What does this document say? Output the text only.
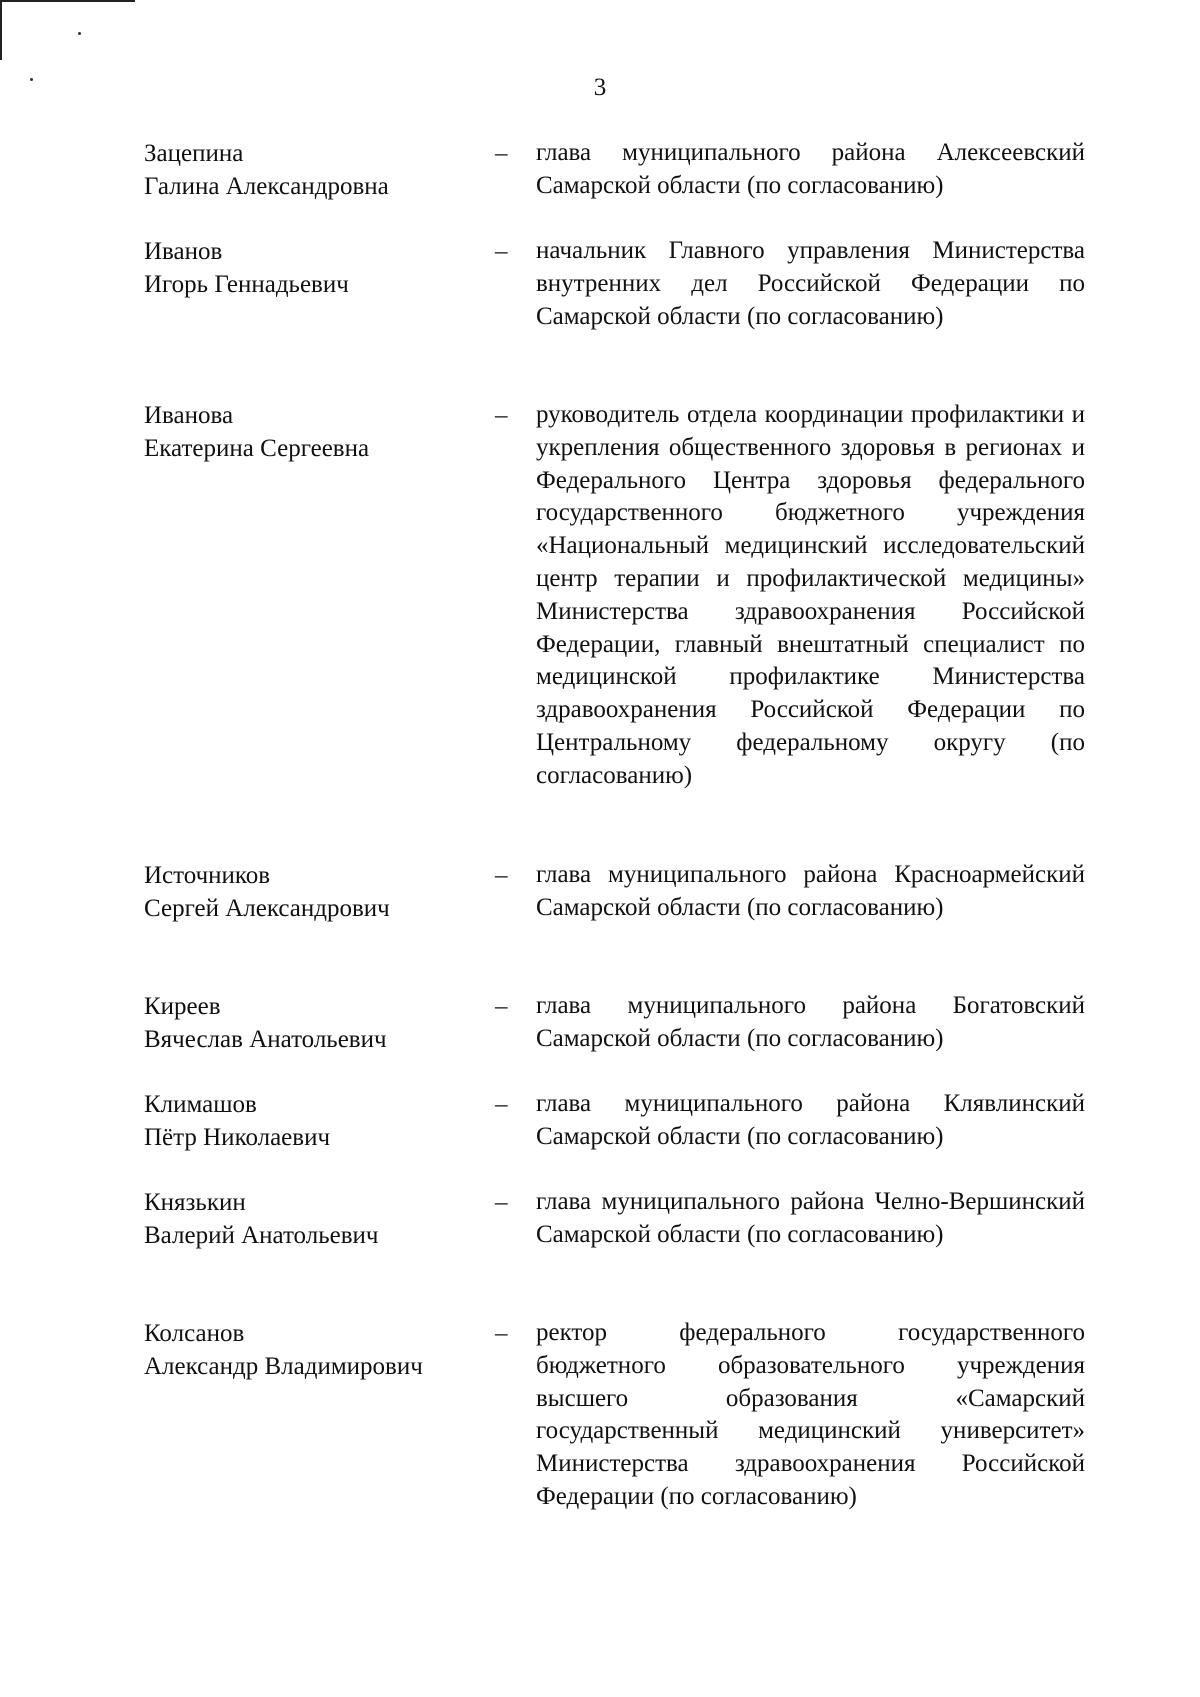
3
Зацепина
Галина Александровна
–	глава муниципального района Алексеевский Самарской области (по согласованию)
Иванов
Игорь Геннадьевич
–	начальник Главного управления Министерства внутренних дел Российской Федерации по Самарской области (по согласованию)
Иванова
Екатерина Сергеевна
–	руководитель отдела координации профилактики и укрепления общественного здоровья в регионах и Федерального Центра здоровья федерального государственного бюджетного учреждения «Национальный медицинский исследовательский центр терапии и профилактической медицины» Министерства здравоохранения Российской Федерации, главный внештатный специалист по медицинской профилактике Министерства здравоохранения Российской Федерации по Центральному федеральному округу (по согласованию)
Источников
Сергей Александрович
–	глава муниципального района Красноармейский Самарской области (по согласованию)
Киреев
Вячеслав Анатольевич
–	глава муниципального района Богатовский Самарской области (по согласованию)
Климашов
Пётр Николаевич
–	глава муниципального района Клявлинский Самарской области (по согласованию)
Князькин
Валерий Анатольевич
–	глава муниципального района Челно-Вершинский Самарской области (по согласованию)
Колсанов
Александр Владимирович
–	ректор федерального государственного бюджетного образовательного учреждения высшего образования «Самарский государственный медицинский университет» Министерства здравоохранения Российской Федерации (по согласованию)
